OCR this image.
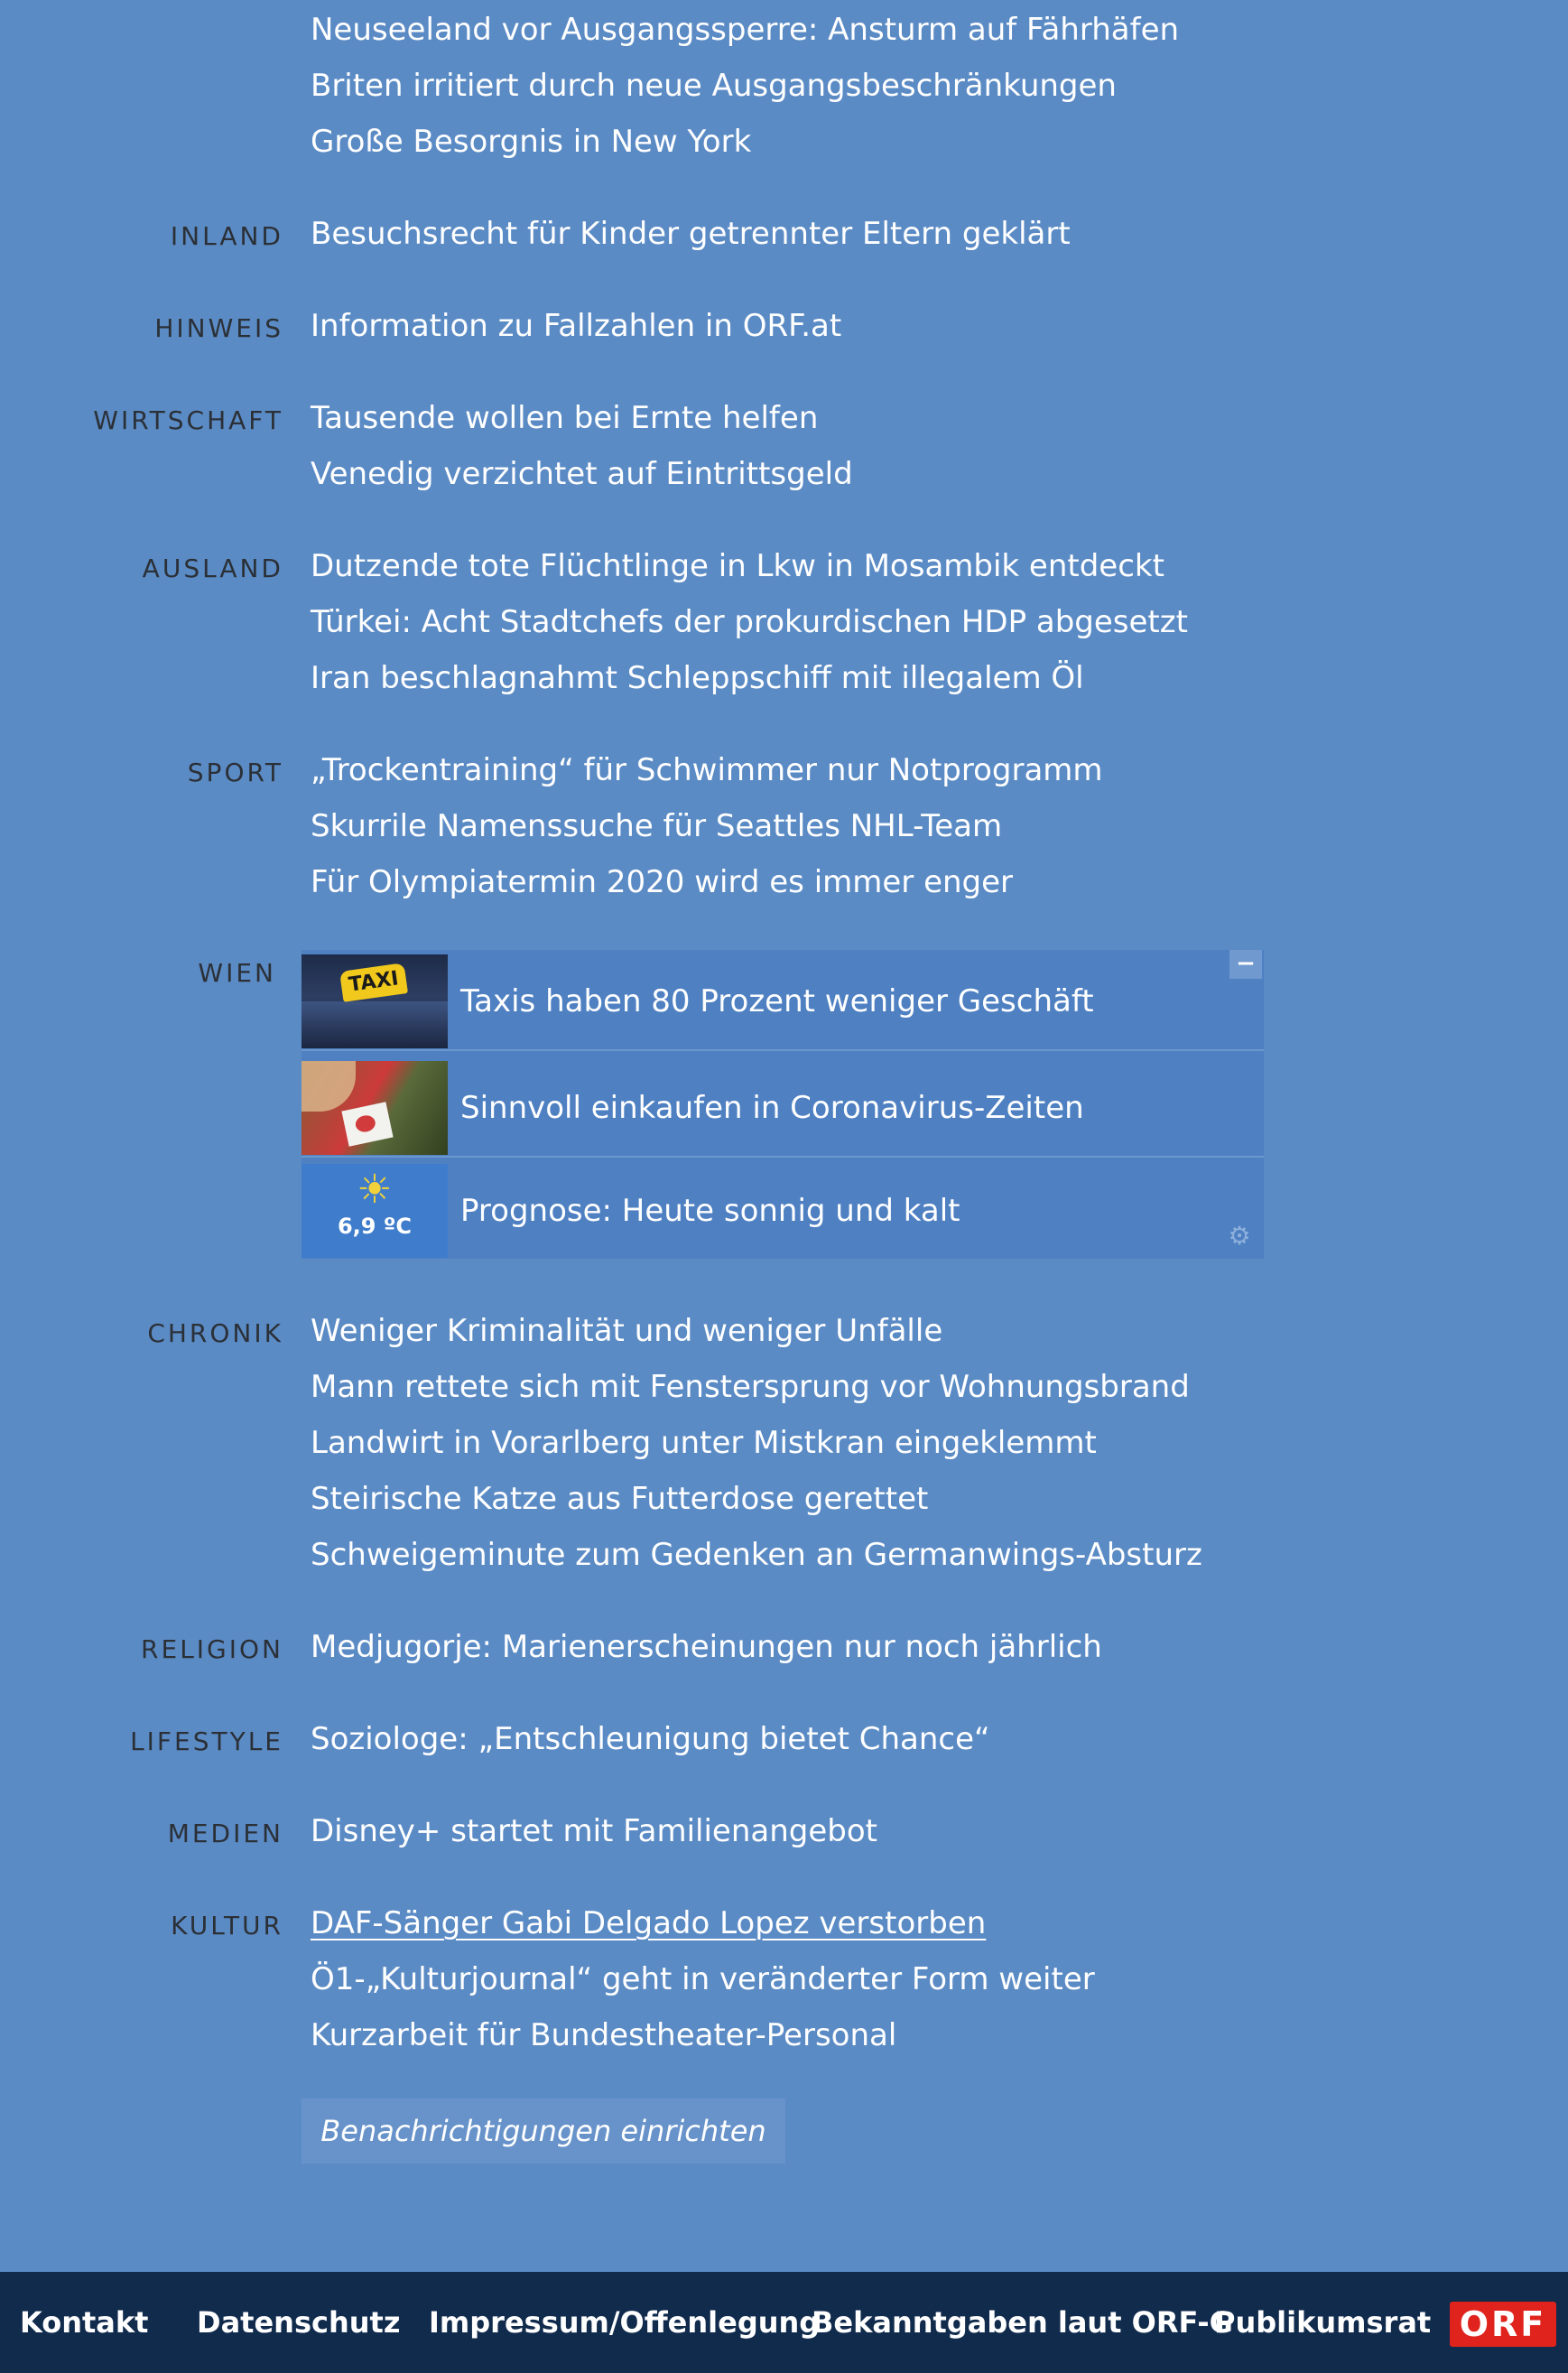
Neuseeland vor Ausgangssperre: Ansturm auf Fährhäfen
Briten irritiert durch neue Ausgangsbeschränkungen
Große Besorgnis in New York
INLAND Besuchsrecht für Kinder getrennter Eltern geklärt
HINWEIS Information zu Fallzahlen in ORF.at
WIRTSCHAFT Tausende wollen bei Ernte helfen
Venedig verzichtet auf Eintrittsgeld
AUSLAND Dutzende tote Flüchtlinge in Lkw in Mosambik entdeckt
Türkei: Acht Stadtchefs der prokurdischen HDP abgesetzt
Iran beschlagnahmt Schleppschiff mit illegalem Öl
SPORT „Trockentraining“ für Schwimmer nur Notprogramm
Skurrile Namenssuche für Seattles NHL-Team
Für Olympiatermin 2020 wird es immer enger
WIEN	TAXI
Taxis haben 80 Prozent weniger Geschäft
Sinnvoll einkaufen in Coronavirus-Zeiten
☀
6,9 ºC	Prognose: Heute sonnig und kalt
−
⚙
CHRONIK Weniger Kriminalität und weniger Unfälle
Mann rettete sich mit Fenstersprung vor Wohnungsbrand
Landwirt in Vorarlberg unter Mistkran eingeklemmt
Steirische Katze aus Futterdose gerettet
Schweigeminute zum Gedenken an Germanwings-Absturz
RELIGION Medjugorje: Marienerscheinungen nur noch jährlich
LIFESTYLE Soziologe: „Entschleunigung bietet Chance“
MEDIEN Disney+ startet mit Familienangebot
KULTUR DAF-Sänger Gabi Delgado Lopez verstorben
Ö1-„Kulturjournal“ geht in veränderter Form weiter
Kurzarbeit für Bundestheater-Personal
Benachrichtigungen einrichten
Kontakt Datenschutz Impressum/Offenlegung
Bekanntgaben laut ORF-G
Publikumsrat ORF
